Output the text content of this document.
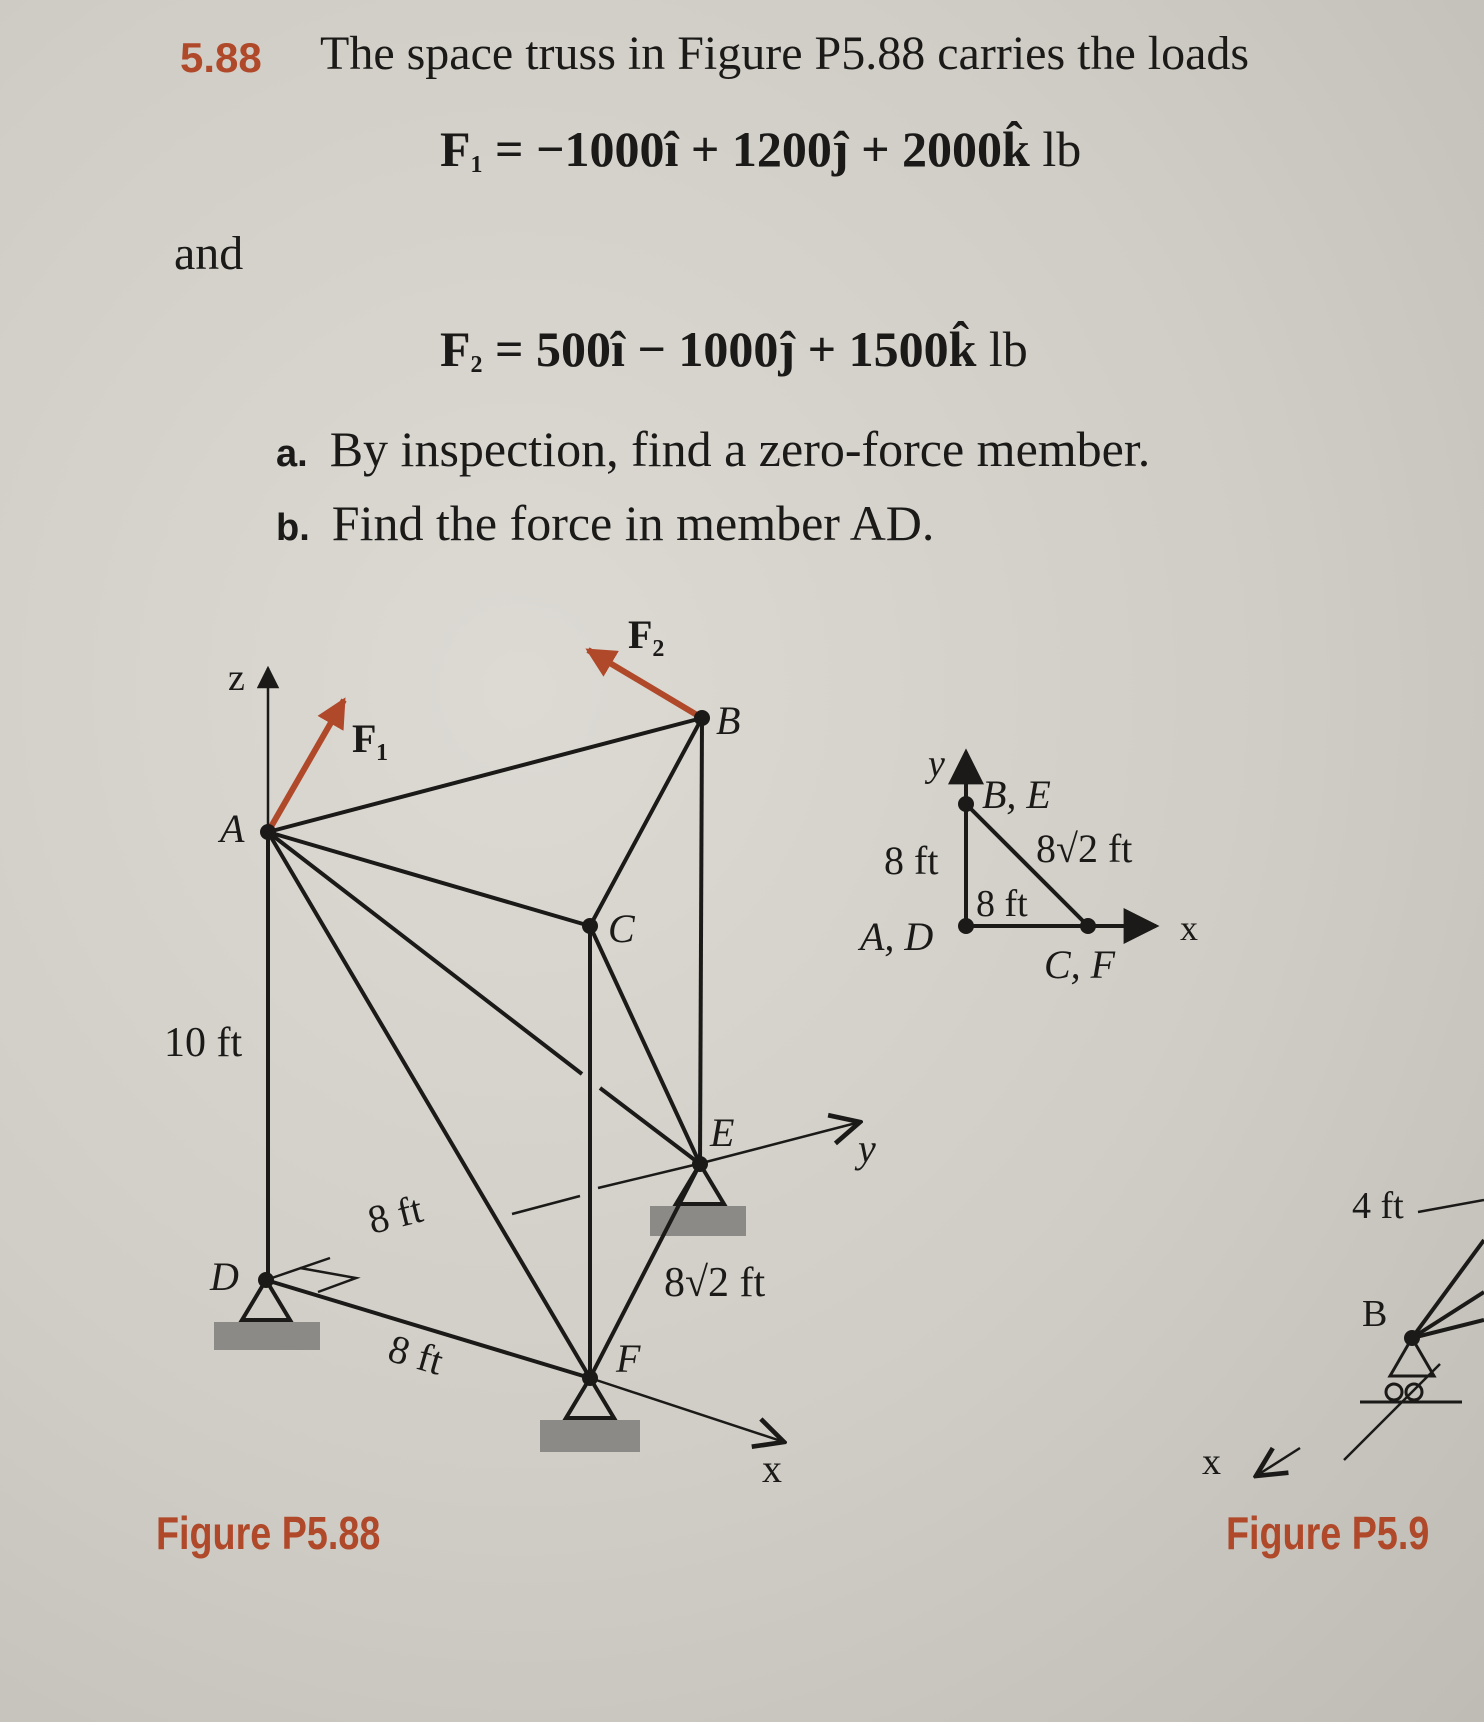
5.88 The space truss in Figure P5.88 carries the loads
$F_1$ = −1000î + 1200ĵ + 2000k̂ lb
and
$F_2$ = 500î − 1000ĵ + 1500k̂ lb
a. By inspection, find a zero-force member.
b. Find the force in member AD.
z
F₁
F₂
A
B
C
D
E
F
10 ft
8 ft
8 ft
8√2 ft
y
x
y
B, E
8 ft 8√2 ft
8 ft
A, D
C, F
x
4 ft
B
x
Figure P5.88	Figure P5.9
